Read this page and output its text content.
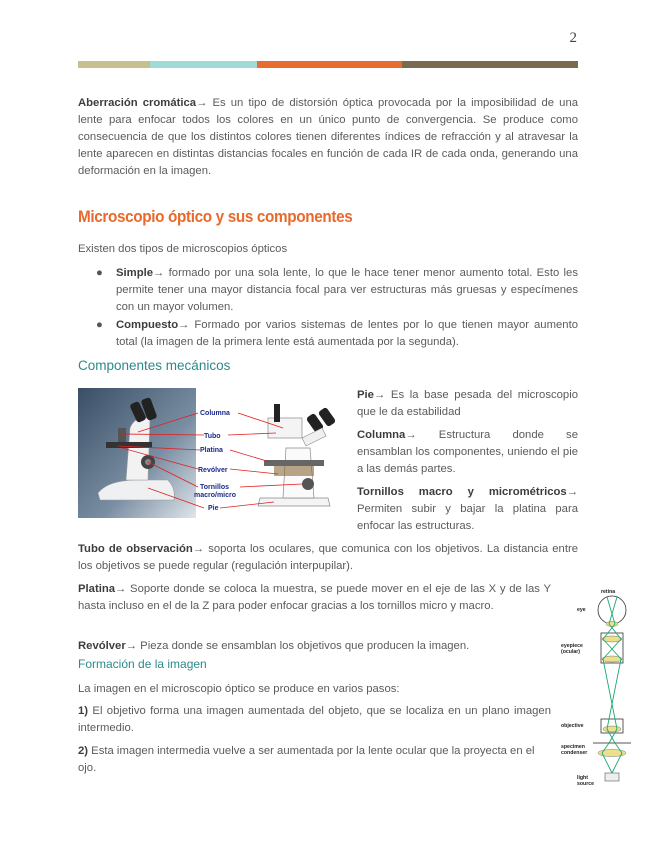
2
Aberración cromática→ Es un tipo de distorsión óptica provocada por la imposibilidad de una lente para enfocar todos los colores en un único punto de convergencia. Se produce como consecuencia de que los distintos colores tienen diferentes índices de refracción y al atravesar la lente aparecen en distintas distancias focales en función de cada IR de cada onda, generando una deformación en la imagen.
Microscopio óptico y sus componentes
Existen dos tipos de microscopios ópticos
● Simple→ formado por una sola lente, lo que le hace tener menor aumento total. Esto les permite tener una mayor distancia focal para ver estructuras más gruesas y especímenes con un mayor volumen.
● Compuesto→ Formado por varios sistemas de lentes por lo que tienen mayor aumento total (la imagen de la primera lente está aumentada por la segunda).
Componentes mecánicos
Columna
Tubo
Platina
Revólver
Tornillos
macro/micro
Pie
Pie→ Es la base pesada del microscopio que le da estabilidad
Columna→ Estructura donde se ensamblan los componentes, uniendo el pie a las demás partes.
Tornillos macro y micrométricos→ Permiten subir y bajar la platina para enfocar las estructuras.
Tubo de observación→ soporta los oculares, que comunica con los objetivos. La distancia entre los objetivos se puede regular (regulación interpupilar).
Platina→ Soporte donde se coloca la muestra, se puede mover en el eje de las X y de las Y hasta incluso en el de la Z para poder enfocar gracias a los tornillos micro y macro.
Revólver→ Pieza donde se ensamblan los objetivos que producen la imagen.
Formación de la imagen
La imagen en el microscopio óptico se produce en varios pasos:
1) El objetivo forma una imagen aumentada del objeto, que se localiza en un plano imagen intermedio.
2) Esta imagen intermedia vuelve a ser aumentada por la lente ocular que la proyecta en el ojo.
retina
eye
eyepiece
(ocular)
objective
specimen
condenser
light
source
